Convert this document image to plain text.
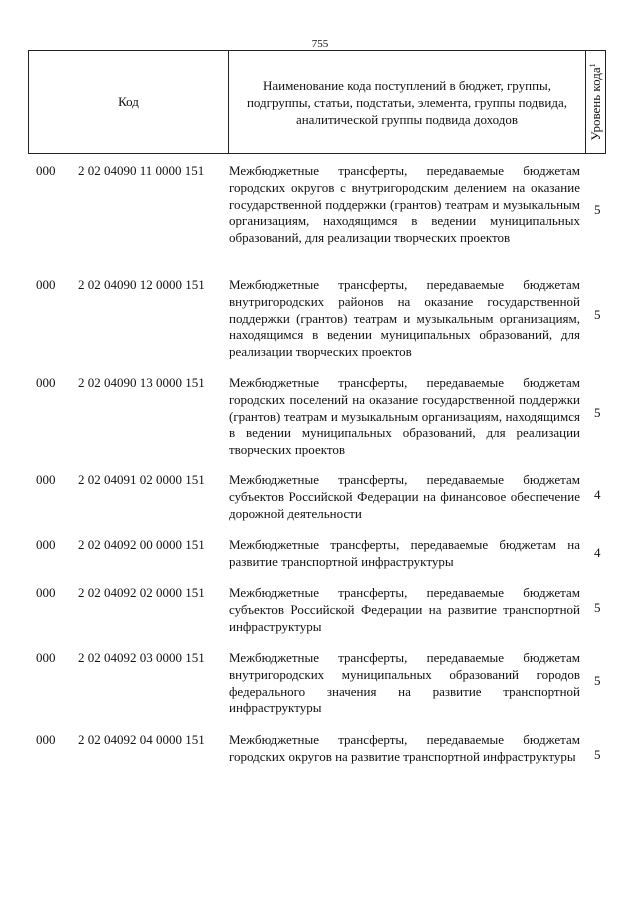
755
Код
Наименование кода поступлений в бюджет, группы, подгруппы, статьи, подстатьи, элемента, группы подвида, аналитической группы подвида доходов	Уровень кода$^1$
000 2 02 04090 11 0000 151 Межбюджетные трансферты, передаваемые бюджетам городских округов с внутригородским делением на оказание государственной поддержки (грантов) театрам и музыкальным организациям, находящимся в ведении муниципальных образований, для реализации творческих проектов
5
000 2 02 04090 12 0000 151 Межбюджетные трансферты, передаваемые бюджетам внутригородских районов на оказание государственной поддержки (грантов) театрам и музыкальным организациям, находящимся в ведении муниципальных образований, для реализации творческих проектов
5
000 2 02 04090 13 0000 151 Межбюджетные трансферты, передаваемые бюджетам городских поселений на оказание государственной поддержки (грантов) театрам и музыкальным организациям, находящимся в ведении муниципальных образований, для реализации творческих проектов
5
000 2 02 04091 02 0000 151 Межбюджетные трансферты, передаваемые бюджетам субъектов Российской Федерации на финансовое обеспечение дорожной деятельности
4
000 2 02 04092 00 0000 151 Межбюджетные трансферты, передаваемые бюджетам на развитие транспортной инфраструктуры
4
000 2 02 04092 02 0000 151 Межбюджетные трансферты, передаваемые бюджетам субъектов Российской Федерации на развитие транспортной инфраструктуры
5
000 2 02 04092 03 0000 151 Межбюджетные трансферты, передаваемые бюджетам внутригородских муниципальных образований городов федерального значения на развитие транспортной инфраструктуры
5
000 2 02 04092 04 0000 151 Межбюджетные трансферты, передаваемые бюджетам городских округов на развитие транспортной инфраструктуры	5
